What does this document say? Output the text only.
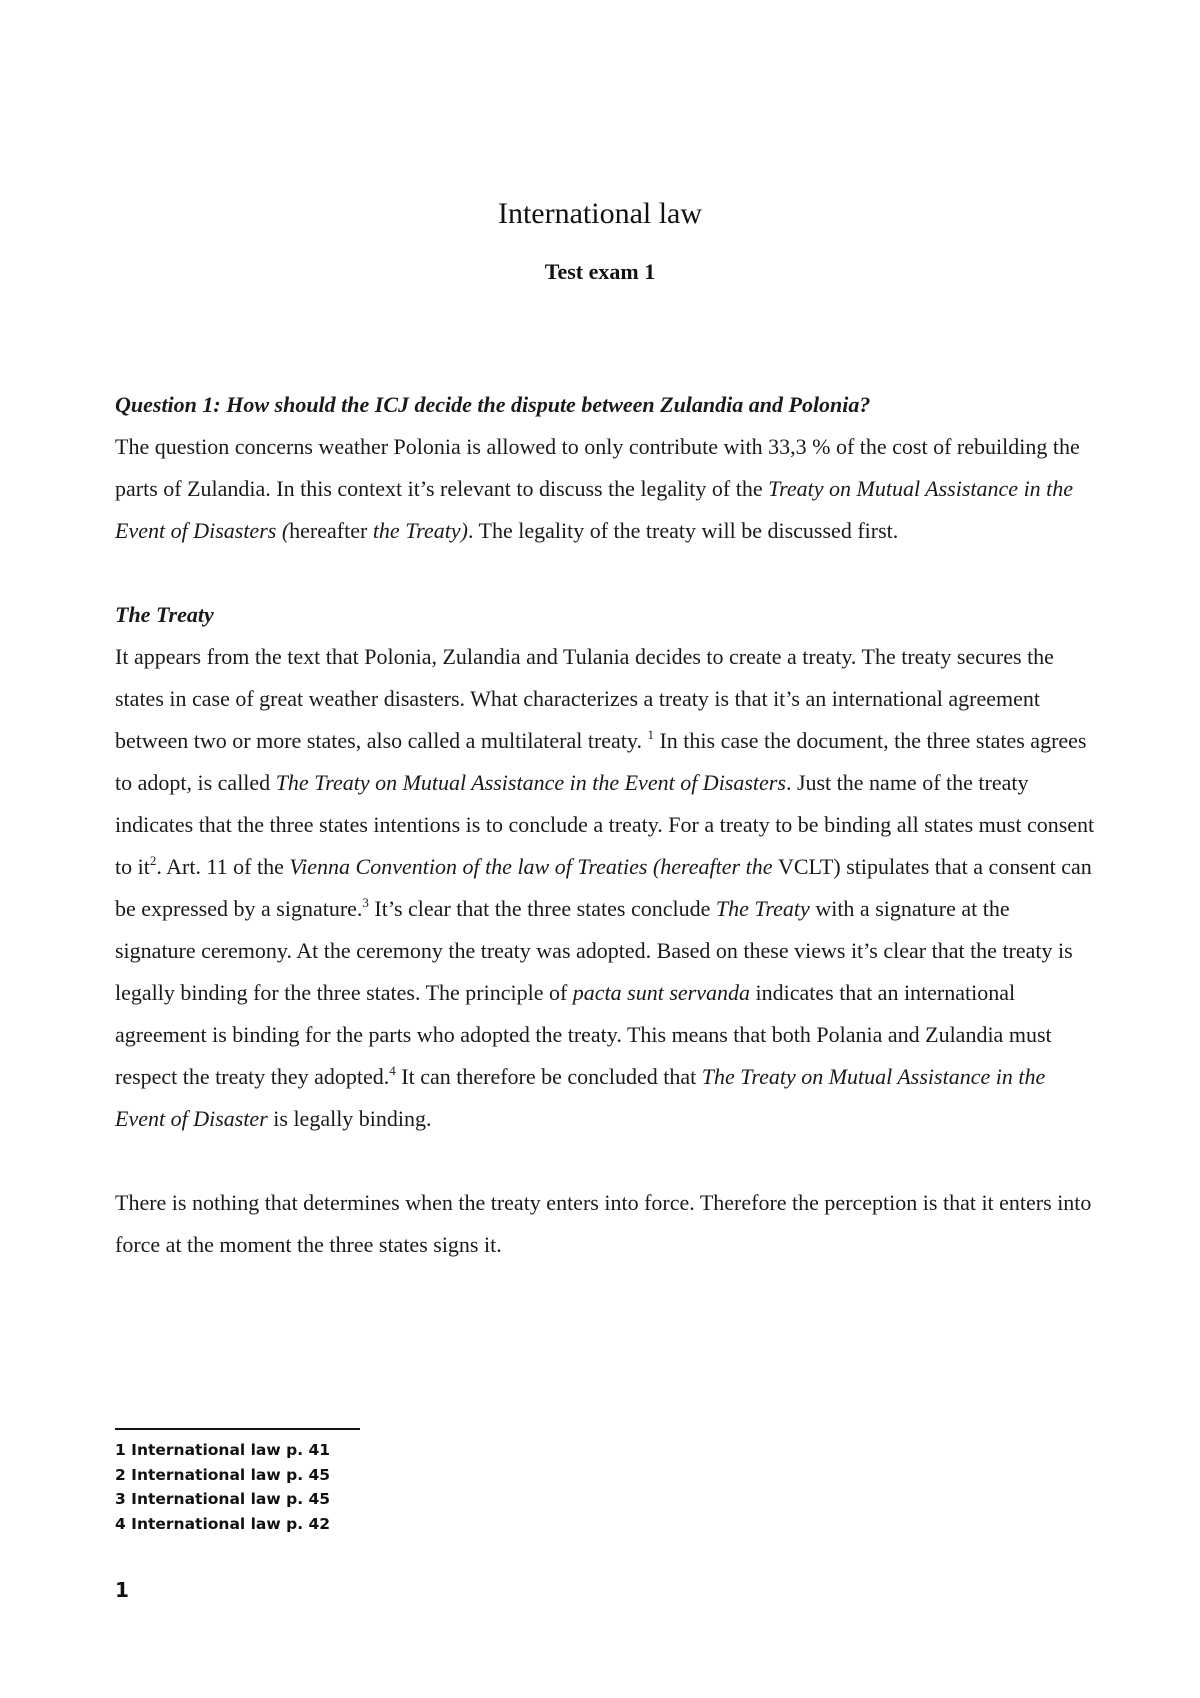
International law
Test exam 1

Question 1: How should the ICJ decide the dispute between Zulandia and Polonia?

The question concerns weather Polonia is allowed to only contribute with 33,3 % of the cost of rebuilding the parts of Zulandia. In this context it’s relevant to discuss the legality of the Treaty on Mutual Assistance in the Event of Disasters (hereafter the Treaty). The legality of the treaty will be discussed first.

The Treaty

It appears from the text that Polonia, Zulandia and Tulania decides to create a treaty. The treaty secures the states in case of great weather disasters. What characterizes a treaty is that it’s an international agreement between two or more states, also called a multilateral treaty. $^1$ In this case the document, the three states agrees to adopt, is called The Treaty on Mutual Assistance in the Event of Disasters. Just the name of the treaty indicates that the three states intentions is to conclude a treaty. For a treaty to be binding all states must consent to $it^2$. Art. 11 of the Vienna Convention of the law of Treaties (hereafter the VCLT) stipulates that a consent can be expressed by a signature.$^3$ It’s clear that the three states conclude The Treaty with a signature at the signature ceremony. At the ceremony the treaty was adopted. Based on these views it’s clear that the treaty is legally binding for the three states. The principle of pacta sunt servanda indicates that an international agreement is binding for the parts who adopted the treaty. This means that both Polania and Zulandia must respect the treaty they adopted.$^4$ It can therefore be concluded that The Treaty on Mutual Assistance in the Event of Disaster is legally binding.

There is nothing that determines when the treaty enters into force. Therefore the perception is that it enters into force at the moment the three states signs it.

1 International law p. 41
2 International law p. 45
3 International law p. 45
4 International law p. 42
1
